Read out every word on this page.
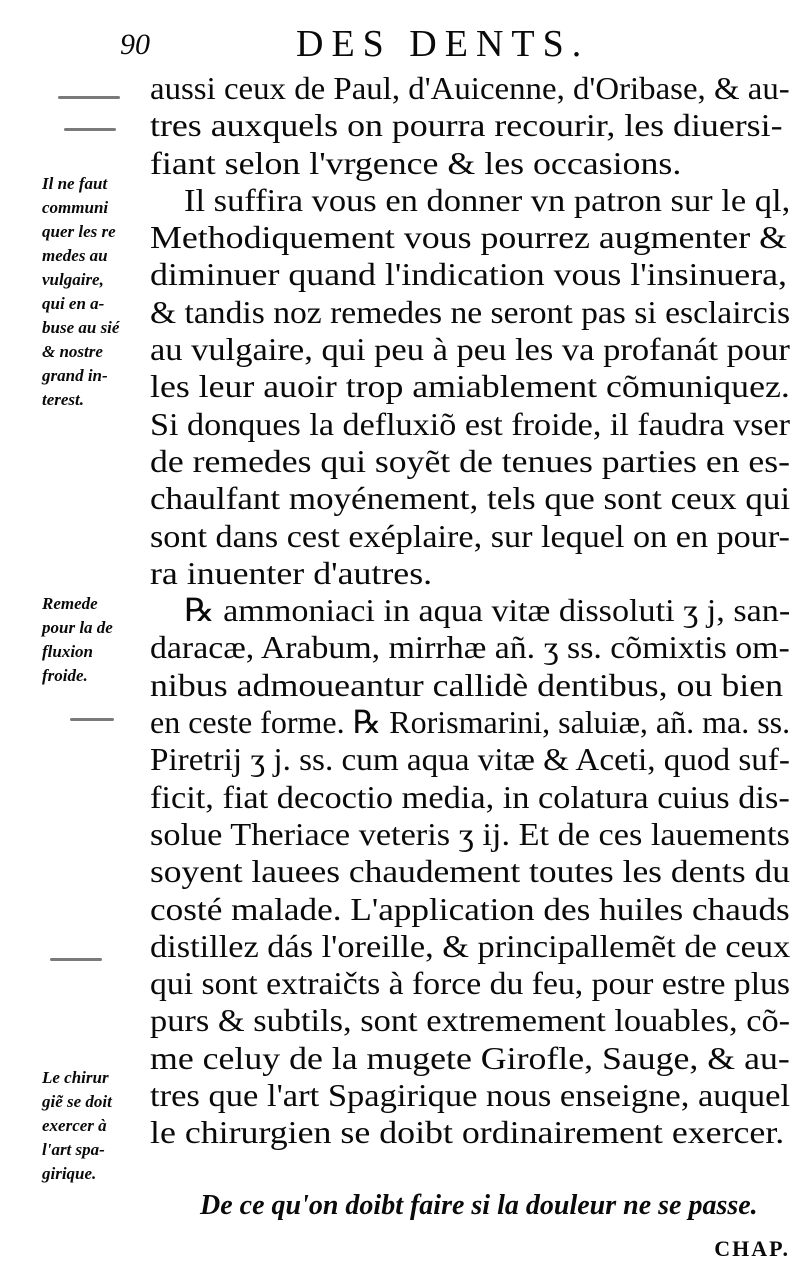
90	DES DENTS.
aussi ceux de Paul, d'Auicenne, d'Oribase, & au-
tres auxquels on pourra recourir, les diuersi-
fiant selon l'vrgence & les occasions.
Il suffira vous en donner vn patron sur le ql,
Methodiquement vous pourrez augmenter &
diminuer quand l'indication vous l'insinuera,
& tandis noz remedes ne seront pas si esclaircis
au vulgaire, qui peu à peu les va profanát pour
les leur auoir trop amiablement cõmuniquez.
Si donques la defluxiõ est froide, il faudra vser
de remedes qui soyẽt de tenues parties en es-
chaulfant moyénement, tels que sont ceux qui
sont dans cest exéplaire, sur lequel on en pour-
ra inuenter d'autres.
℞ ammoniaci in aqua vitæ dissoluti ʒ j, san-
daracæ, Arabum, mirrhæ añ. ʒ ss. cõmixtis om-
nibus admoueantur callidè dentibus, ou bien
en ceste forme. ℞ Rorismarini, saluiæ, añ. ma. ss.
Piretrij ʒ j. ss. cum aqua vitæ & Aceti, quod suf-
ficit, fiat decoctio media, in colatura cuius dis-
solue Theriace veteris ʒ ij. Et de ces lauements
soyent lauees chaudement toutes les dents du
costé malade. L'application des huiles chauds
distillez dás l'oreille, & principallemẽt de ceux
qui sont extraičts à force du feu, pour estre plus
purs & subtils, sont extremement louables, cõ-
me celuy de la mugete Girofle, Sauge, & au-
tres que l'art Spagirique nous enseigne, auquel
le chirurgien se doibt ordinairement exercer.
Il ne faut
communi
quer les re
medes au
vulgaire,
qui en a-
buse au sié
& nostre
grand in-
terest.
Remede
pour la de
fluxion
froide.
Le chirur
giẽ se doit
exercer à
l'art spa-
girique.
De ce qu'on doibt faire si la douleur ne se passe.
CHAP.
